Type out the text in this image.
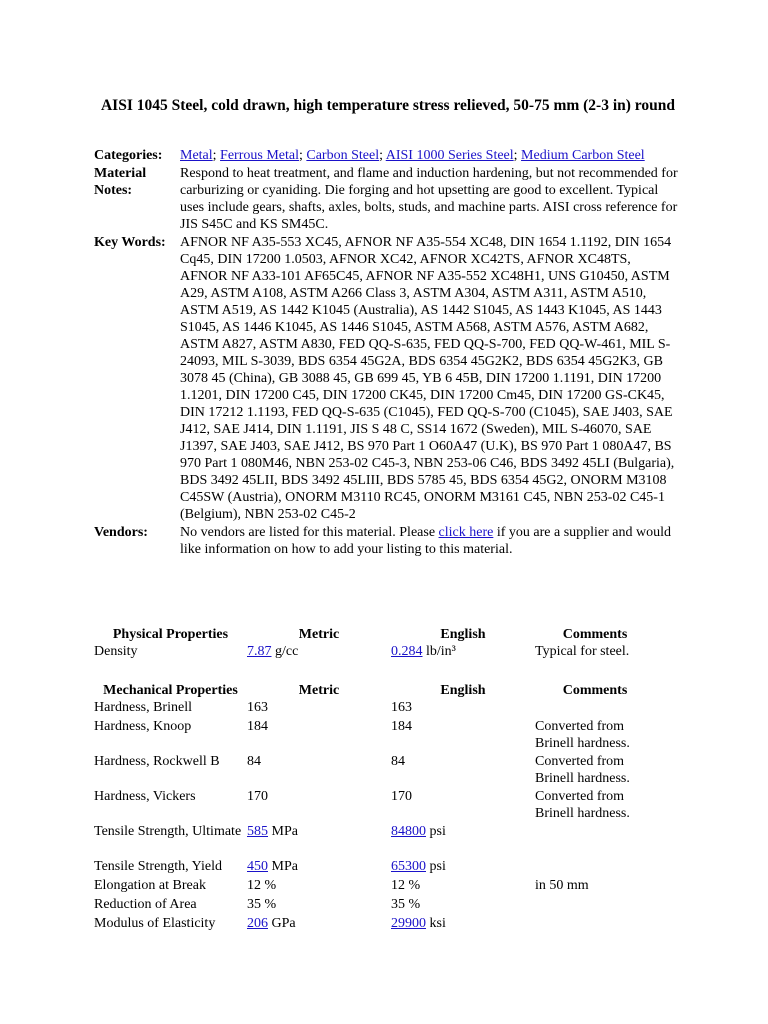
AISI 1045 Steel, cold drawn, high temperature stress relieved, 50-75 mm (2-3 in) round
Categories:	Metal; Ferrous Metal; Carbon Steel; AISI 1000 Series Steel; Medium Carbon Steel
Material Notes:
Respond to heat treatment, and flame and induction hardening, but not recommended for carburizing or cyaniding. Die forging and hot upsetting are good to excellent. Typical uses include gears, shafts, axles, bolts, studs, and machine parts. AISI cross reference for JIS S45C and KS SM45C.
Key Words:	AFNOR NF A35-553 XC45, AFNOR NF A35-554 XC48, DIN 1654 1.1192, DIN 1654 Cq45, DIN 17200 1.0503, AFNOR XC42, AFNOR XC42TS, AFNOR XC48TS, AFNOR NF A33-101 AF65C45, AFNOR NF A35-552 XC48H1, UNS G10450, ASTM A29, ASTM A108, ASTM A266 Class 3, ASTM A304, ASTM A311, ASTM A510, ASTM A519, AS 1442 K1045 (Australia), AS 1442 S1045, AS 1443 K1045, AS 1443 S1045, AS 1446 K1045, AS 1446 S1045, ASTM A568, ASTM A576, ASTM A682, ASTM A827, ASTM A830, FED QQ-S-635, FED QQ-S-700, FED QQ-W-461, MIL S-24093, MIL S-3039, BDS 6354 45G2A, BDS 6354 45G2K2, BDS 6354 45G2K3, GB 3078 45 (China), GB 3088 45, GB 699 45, YB 6 45B, DIN 17200 1.1191, DIN 17200 1.1201, DIN 17200 C45, DIN 17200 CK45, DIN 17200 Cm45, DIN 17200 GS-CK45, DIN 17212 1.1193, FED QQ-S-635 (C1045), FED QQ-S-700 (C1045), SAE J403, SAE J412, SAE J414, DIN 1.1191, JIS S 48 C, SS14 1672 (Sweden), MIL S-46070, SAE J1397, SAE J403, SAE J412, BS 970 Part 1 O60A47 (U.K), BS 970 Part 1 080A47, BS 970 Part 1 080M46, NBN 253-02 C45-3, NBN 253-06 C46, BDS 3492 45LI (Bulgaria), BDS 3492 45LII, BDS 3492 45LIII, BDS 5785 45, BDS 6354 45G2, ONORM M3108 C45SW (Austria), ONORM M3110 RC45, ONORM M3161 C45, NBN 253-02 C45-1 (Belgium), NBN 253-02 C45-2
Vendors:	No vendors are listed for this material. Please click here if you are a supplier and would like information on how to add your listing to this material.
Physical Properties	Metric	English	Comments
Density	7.87 g/cc	0.284 lb/in³	Typical for steel.
Mechanical Properties	Metric	English	Comments
Hardness, Brinell	163	163
Hardness, Knoop	184	184	Converted from Brinell hardness.
Hardness, Rockwell B	84	84	Converted from Brinell hardness.
Hardness, Vickers	170	170	Converted from Brinell hardness.
Tensile Strength, Ultimate 585 MPa	84800 psi
Tensile Strength, Yield	450 MPa	65300 psi
Elongation at Break	12 %	12 %	in 50 mm
Reduction of Area	35 %	35 %
Modulus of Elasticity	206 GPa	29900 ksi
